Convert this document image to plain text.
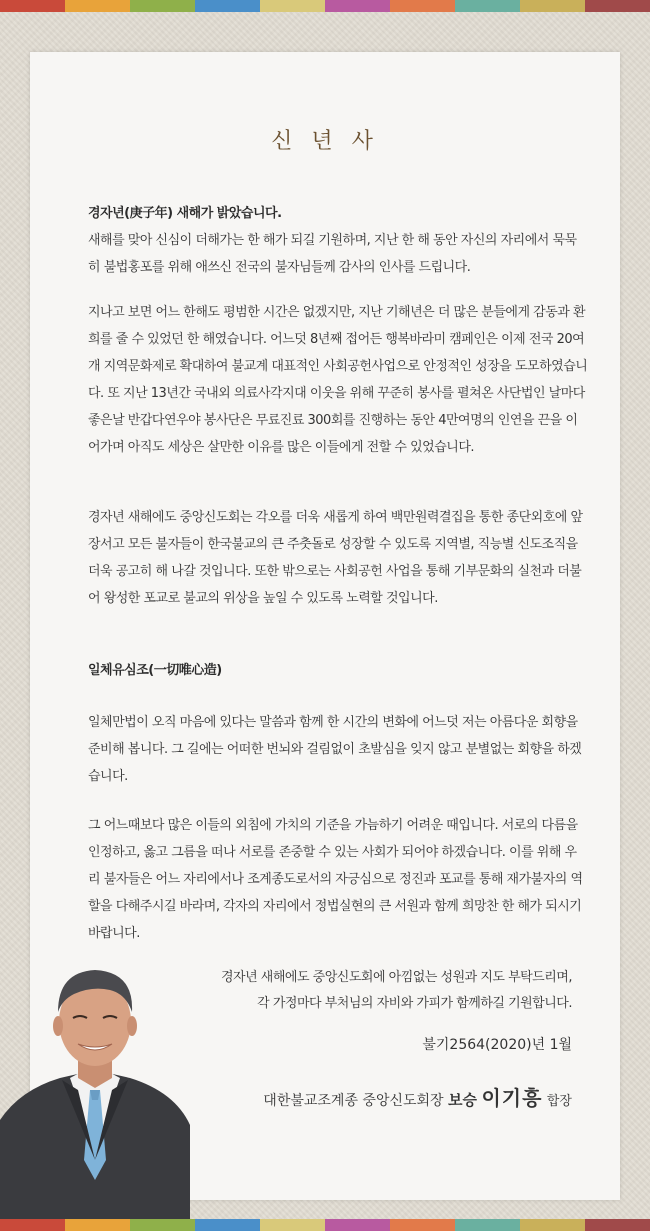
신 년 사

경자년(庚子年) 새해가 밝았습니다.

새해를 맞아 신심이 더해가는 한 해가 되길 기원하며, 지난 한 해 동안 자신의 자리에서 묵묵히 불법홍포를 위해 애쓰신 전국의 불자님들께 감사의 인사를 드립니다.

지나고 보면 어느 한해도 평범한 시간은 없겠지만, 지난 기해년은 더 많은 분들에게 감동과 환희를 줄 수 있었던 한 해였습니다. 어느덧 8년째 접어든 행복바라미 캠페인은 이제 전국 20여개 지역문화제로 확대하여 불교계 대표적인 사회공헌사업으로 안정적인 성장을 도모하였습니다. 또 지난 13년간 국내외 의료사각지대 이웃을 위해 꾸준히 봉사를 펼쳐온 사단법인 날마다좋은날 반갑다연우야 봉사단은 무료진료 300회를 진행하는 동안 4만여명의 인연을 끈을 이어가며 아직도 세상은 살만한 이유를 많은 이들에게 전할 수 있었습니다.

경자년 새해에도 중앙신도회는 각오를 더욱 새롭게 하여 백만원력결집을 통한 종단외호에 앞장서고 모든 불자들이 한국불교의 큰 주춧돌로 성장할 수 있도록 지역별, 직능별 신도조직을 더욱 공고히 해 나갈 것입니다. 또한 밖으로는 사회공헌 사업을 통해 기부문화의 실천과 더불어 왕성한 포교로 불교의 위상을 높일 수 있도록 노력할 것입니다.

일체유심조(一切唯心造)

일체만법이 오직 마음에 있다는 말씀과 함께 한 시간의 변화에 어느덧 저는 아름다운 회향을 준비해 봅니다. 그 길에는 어떠한 번뇌와 걸림없이 초발심을 잊지 않고 분별없는 회향을 하겠습니다.

그 어느때보다 많은 이들의 외침에 가치의 기준을 가늠하기 어려운 때입니다. 서로의 다름을 인정하고, 옳고 그름을 떠나 서로를 존중할 수 있는 사회가 되어야 하겠습니다. 이를 위해 우리 불자들은 어느 자리에서나 조계종도로서의 자긍심으로 정진과 포교를 통해 재가불자의 역할을 다해주시길 바라며, 각자의 자리에서 정법실현의 큰 서원과 함께 희망찬 한 해가 되시기 바랍니다.

경자년 새해에도 중앙신도회에 아낌없는 성원과 지도 부탁드리며,

각 가정마다 부처님의 자비와 가피가 함께하길 기원합니다.

불기2564(2020)년 1월
대한불교조계종 중앙신도회장 보승 이기흥 합장
